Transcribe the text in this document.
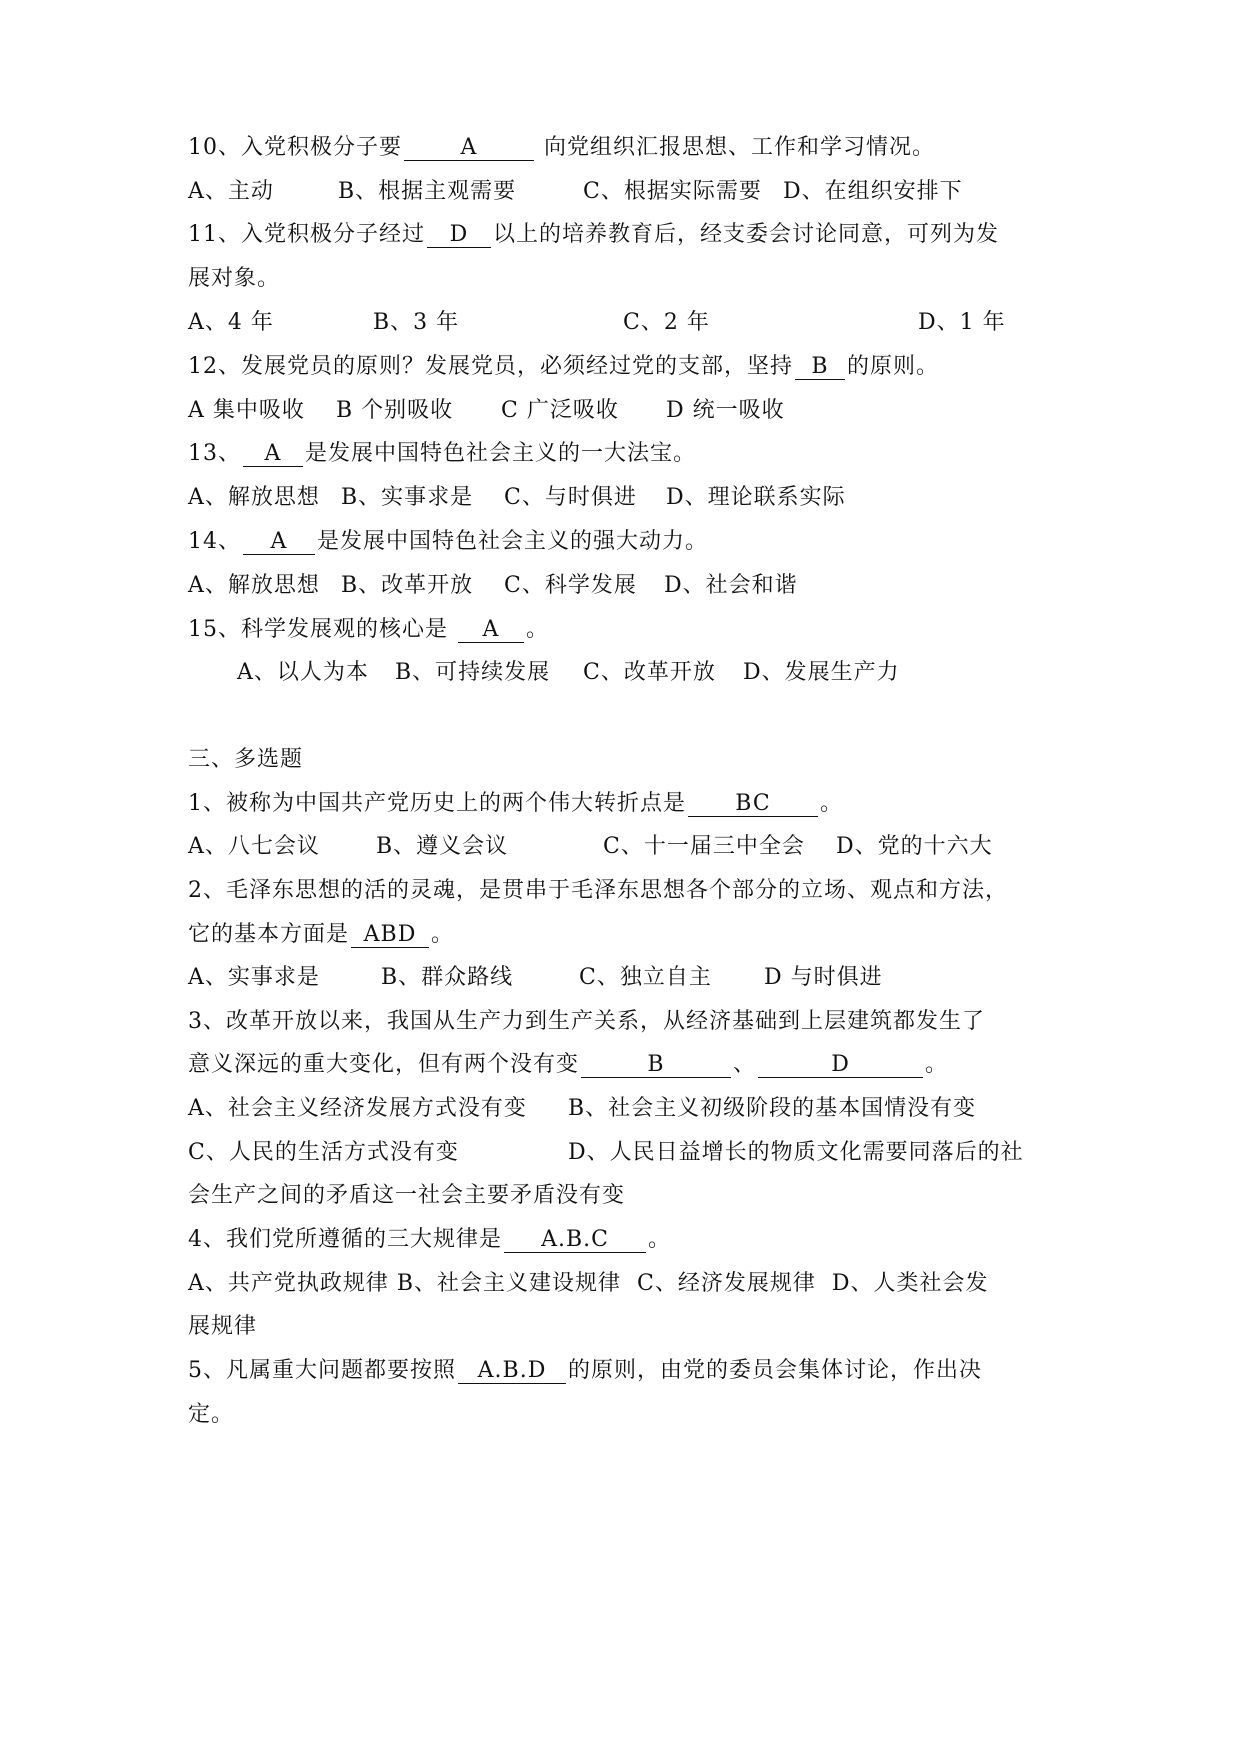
10、入党积极分子要	A	向党组织汇报思想、工作和学习情况。
A、主动	B、根据主观需要	C、根据实际需要 D、在组织安排下
11、入党积极分子经过 D 以上的培养教育后，经支委会讨论同意，可列为发
展对象。
A、4 年	B、3 年	C、2 年	D、1 年
12、发展党员的原则？发展党员，必须经过党的支部，坚持 B 的原则。
A 集中吸收 B 个别吸收 C 广泛吸收 D 统一吸收
13、 A 是发展中国特色社会主义的一大法宝。
A、解放思想 B、实事求是 C、与时俱进 D、理论联系实际
14、 A 是发展中国特色社会主义的强大动力。
A、解放思想 B、改革开放 C、科学发展 D、社会和谐
15、科学发展观的核心是 A 。
A、以人为本 B、可持续发展 C、改革开放 D、发展生产力
三、多选题
1、被称为中国共产党历史上的两个伟大转折点是 BC 。
A、八七会议	B、遵义会议	C、十一届三中全会 D、党的十六大
2、毛泽东思想的活的灵魂，是贯串于毛泽东思想各个部分的立场、观点和方法，
它的基本方面是 ABD 。
A、实事求是	B、群众路线	C、独立自主 D 与时俱进
3、改革开放以来，我国从生产力到生产关系，从经济基础到上层建筑都发生了
意义深远的重大变化，但有两个没有变	B	、	D	。
A、社会主义经济发展方式没有变 B、社会主义初级阶段的基本国情没有变
C、人民的生活方式没有变	D、人民日益增长的物质文化需要同落后的社
会生产之间的矛盾这一社会主要矛盾没有变
4、我们党所遵循的三大规律是 A.B.C 。
A、共产党执政规律 B、社会主义建设规律  C、经济发展规律  D、人类社会发
展规律
5、凡属重大问题都要按照 A.B.D 的原则，由党的委员会集体讨论，作出决
定。
